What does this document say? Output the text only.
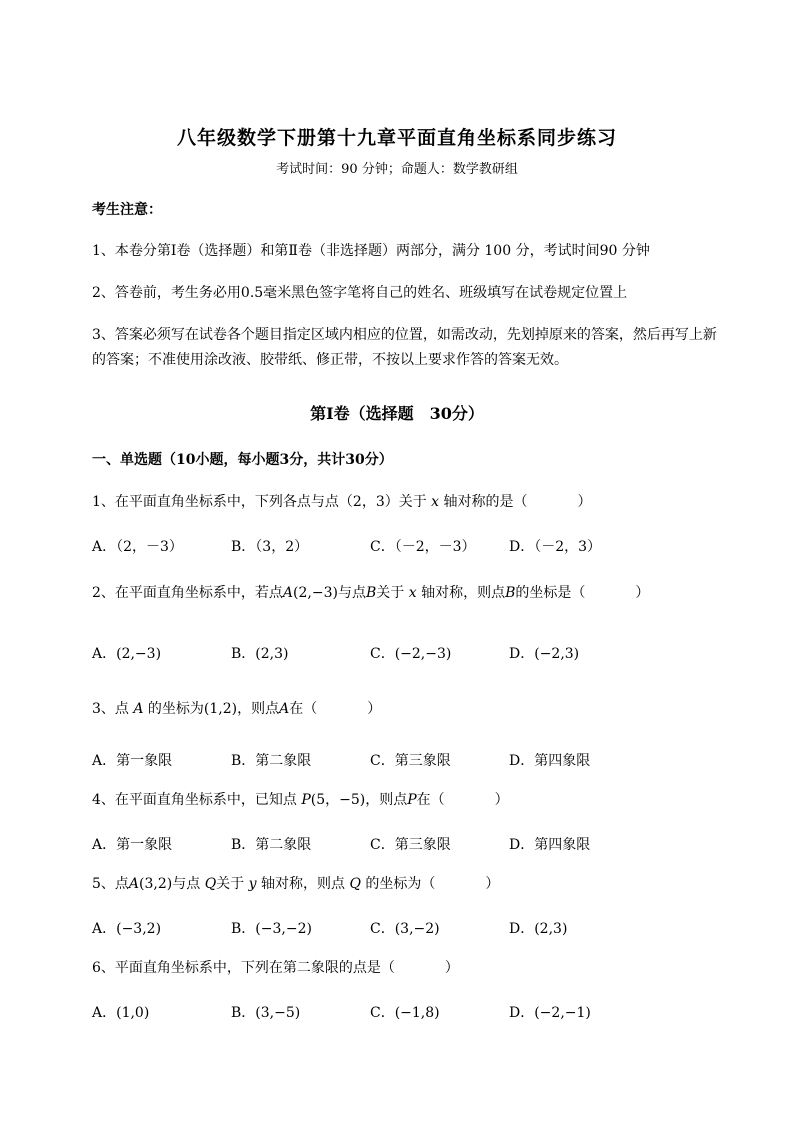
八年级数学下册第十九章平面直角坐标系同步练习
考试时间：90 分钟；命题人：数学教研组
考生注意：
1、本卷分第Ⅰ卷（选择题）和第Ⅱ卷（非选择题）两部分，满分 100 分，考试时间90 分钟
2、答卷前，考生务必用0.5毫米黑色签字笔将自己的姓名、班级填写在试卷规定位置上
3、答案必须写在试卷各个题目指定区域内相应的位置，如需改动，先划掉原来的答案，然后再写上新
的答案；不准使用涂改液、胶带纸、修正带，不按以上要求作答的答案无效。
第Ⅰ卷（选择题　30分）
一、单选题（10小题，每小题3分，共计30分）
1、在平面直角坐标系中，下列各点与点（2，3）关于 x 轴对称的是（	）
A．（2，－3）	B．（3，2）	C．（－2，－3） D．（－2，3）
2、在平面直角坐标系中，若点A(2,−3)与点B关于 x 轴对称，则点B的坐标是（	）
A．(2,−3)	B．(2,3)	C．(−2,−3)	D．(−2,3)
3、点 A 的坐标为(1,2)，则点A在（	）
A．第一象限	B．第二象限	C．第三象限	D．第四象限
4、在平面直角坐标系中，已知点 P(5，−5)，则点P在（	）
A．第一象限	B．第二象限	C．第三象限	D．第四象限
5、点A(3,2)与点 Q关于 y 轴对称，则点 Q 的坐标为（	）
A．(−3,2)	B．(−3,−2)	C．(3,−2)	D．(2,3)
6、平面直角坐标系中，下列在第二象限的点是（	）
A．(1,0)	B．(3,−5)	C．(−1,8)	D．(−2,−1)
